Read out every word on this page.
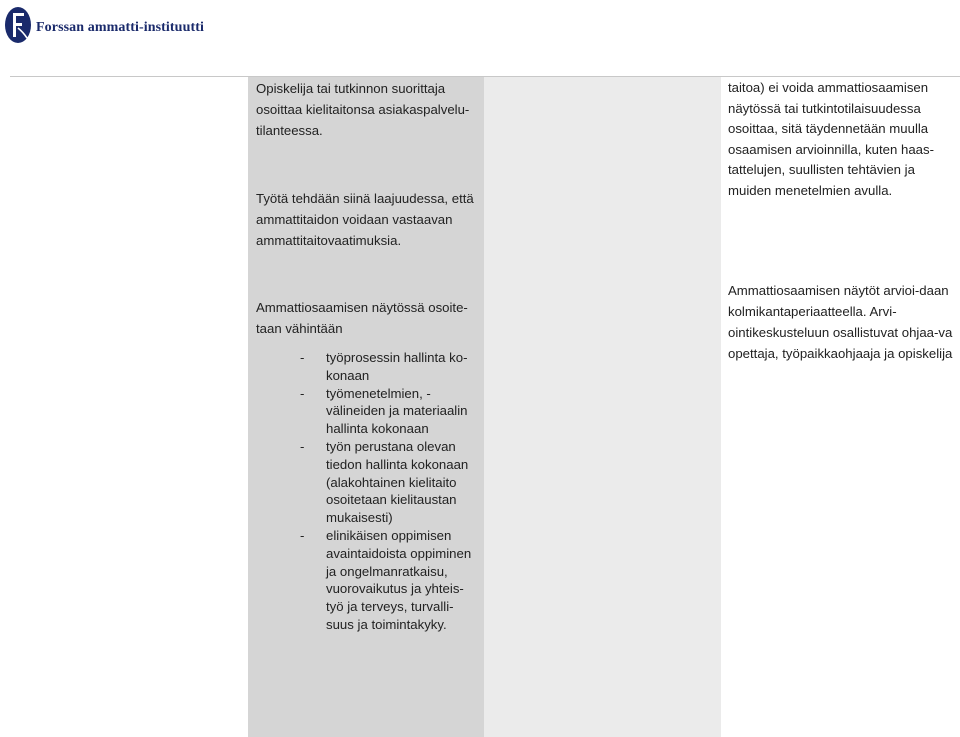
Forssan ammatti-instituutti

Opiskelija tai tutkinnon suorittaja osoittaa kielitaitonsa asiakaspalvelu-tilanteessa.

Työtä tehdään siinä laajuudessa, että ammattitaidon voidaan vastaavan ammattitaitovaatimuksia.

Ammattiosaamisen näytössä osoite-taan vähintään

- työprosessin hallinta ko-konaan
- työmenetelmien, -välineiden ja materiaalin hallinta kokonaan
- työn perustana olevan tiedon hallinta kokonaan (alakohtainen kielitaito osoitetaan kielitaustan mukaisesti)
- elinikäisen oppimisen avaintaidoista oppiminen ja ongelmanratkaisu, vuorovaikutus ja yhteis-työ ja terveys, turvalli-suus ja toimintakyky.

taitoa) ei voida ammattiosaamisen näytössä tai tutkintotilaisuudessa osoittaa, sitä täydennetään muulla osaamisen arvioinnilla, kuten haas-tattelujen, suullisten tehtävien ja muiden menetelmien avulla.

Ammattiosaamisen näytöt arvioi-daan kolmikantaperiaatteella. Arvi-ointikeskusteluun osallistuvat ohjaa-va opettaja, työpaikkaohjaaja ja opiskelija
